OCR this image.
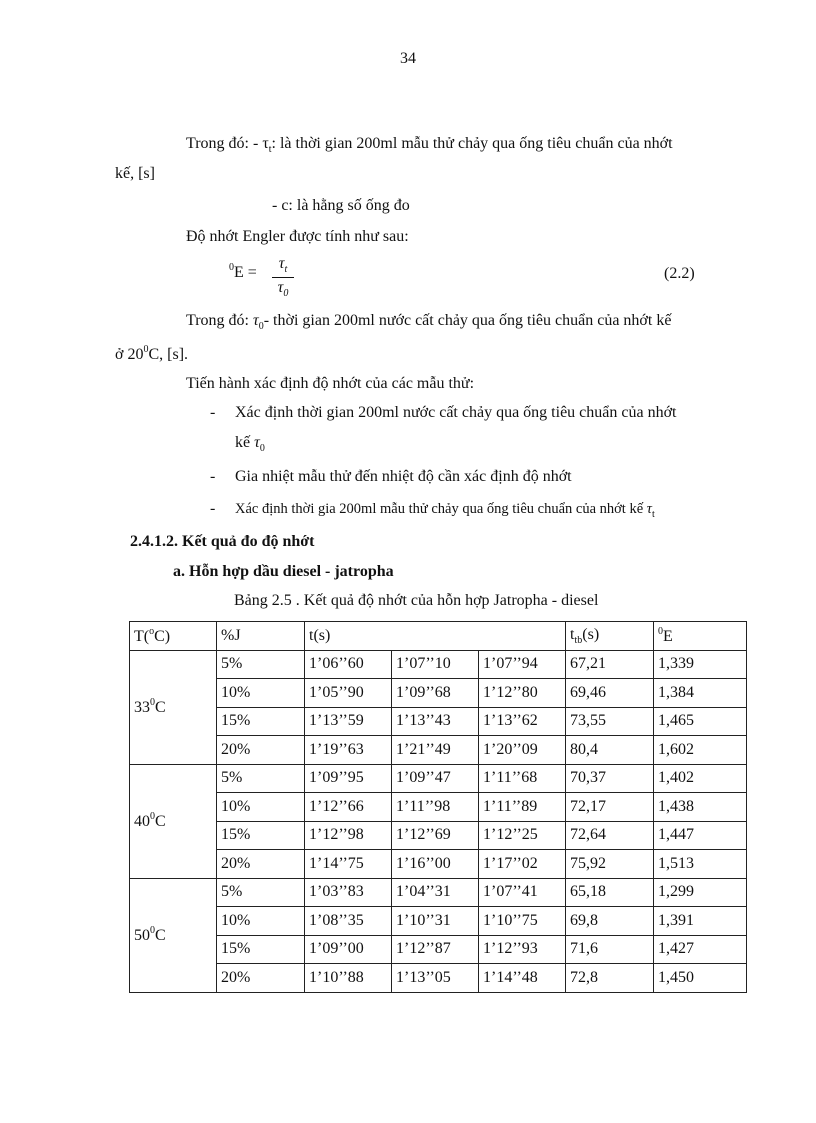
34
Trong đó: - $\tau_t$: là thời gian 200ml mẫu thử chảy qua ống tiêu chuẩn của nhớt
kế, [s]
- c: là hằng số ống đo
Độ nhớt Engler được tính như sau:
$^0$E =
$\tau_t$
$\tau_0$
(2.2)
Trong đó: $\tau_0-$ thời gian 200ml nước cất chảy qua ống tiêu chuẩn của nhớt kế
ở $20^0C$, [s].
Tiến hành xác định độ nhớt của các mẫu thử:
- Xác định thời gian 200ml nước cất chảy qua ống tiêu chuẩn của nhớt
kế $\tau_0$
- Gia nhiệt mẫu thử đến nhiệt độ cần xác định độ nhớt
- Xác định thời gia 200ml mẫu thử chảy qua ống tiêu chuẩn của nhớt kế $\tau_t$
2.4.1.2. Kết quả đo độ nhớt
a. Hỗn hợp dầu diesel - jatropha
Bảng 2.5 . Kết quả độ nhớt của hỗn hợp Jatropha - diesel
T($^o$C)	%J	t(s)			$t_{tb}(s)$	$^0$E
$33^0C$	5%	1’06’’60	1’07’’10	1’07’’94	67,21	1,339
	10%	1’05’’90	1’09’’68	1’12’’80	69,46	1,384
	15%	1’13’’59	1’13’’43	1’13’’62	73,55	1,465
	20%	1’19’’63	1’21’’49	1’20’’09	80,4	1,602
$40^0C$	5%	1’09’’95	1’09’’47	1’11’’68	70,37	1,402
	10%	1’12’’66	1’11’’98	1’11’’89	72,17	1,438
	15%	1’12’’98	1’12’’69	1’12’’25	72,64	1,447
	20%	1’14’’75	1’16’’00	1’17’’02	75,92	1,513
$50^0C$	5%	1’03’’83	1’04’’31	1’07’’41	65,18	1,299
	10%	1’08’’35	1’10’’31	1’10’’75	69,8	1,391
	15%	1’09’’00	1’12’’87	1’12’’93	71,6	1,427
	20%	1’10’’88	1’13’’05	1’14’’48	72,8	1,450
